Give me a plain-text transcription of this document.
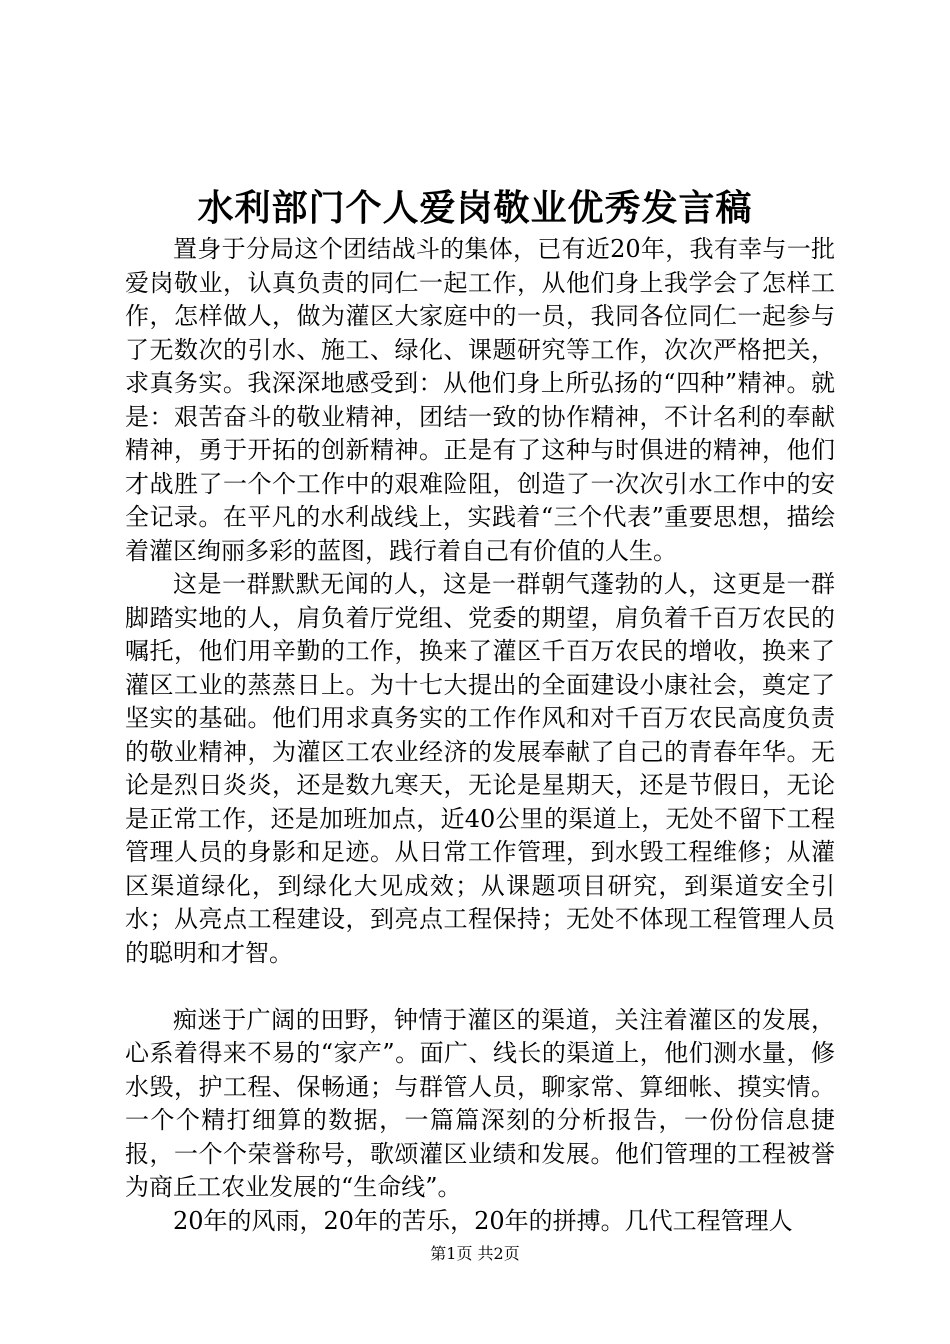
水利部门个人爱岗敬业优秀发言稿

置身于分局这个团结战斗的集体，已有近20年，我有幸与一批爱岗敬业，认真负责的同仁一起工作，从他们身上我学会了怎样工作，怎样做人，做为灌区大家庭中的一员，我同各位同仁一起参与了无数次的引水、施工、绿化、课题研究等工作，次次严格把关，求真务实。我深深地感受到：从他们身上所弘扬的“四种”精神。就是：艰苦奋斗的敬业精神，团结一致的协作精神，不计名利的奉献精神，勇于开拓的创新精神。正是有了这种与时俱进的精神，他们才战胜了一个个工作中的艰难险阻，创造了一次次引水工作中的安全记录。在平凡的水利战线上，实践着“三个代表”重要思想，描绘着灌区绚丽多彩的蓝图，践行着自己有价值的人生。

这是一群默默无闻的人，这是一群朝气蓬勃的人，这更是一群脚踏实地的人，肩负着厅党组、党委的期望，肩负着千百万农民的嘱托，他们用辛勤的工作，换来了灌区千百万农民的增收，换来了灌区工业的蒸蒸日上。为十七大提出的全面建设小康社会，奠定了坚实的基础。他们用求真务实的工作作风和对千百万农民高度负责的敬业精神，为灌区工农业经济的发展奉献了自己的青春年华。无论是烈日炎炎，还是数九寒天，无论是星期天，还是节假日，无论是正常工作，还是加班加点，近40公里的渠道上，无处不留下工程管理人员的身影和足迹。从日常工作管理，到水毁工程维修；从灌区渠道绿化，到绿化大见成效；从课题项目研究，到渠道安全引水；从亮点工程建设，到亮点工程保持；无处不体现工程管理人员的聪明和才智。

痴迷于广阔的田野，钟情于灌区的渠道，关注着灌区的发展，心系着得来不易的“家产”。面广、线长的渠道上，他们测水量，修水毁，护工程、保畅通；与群管人员，聊家常、算细帐、摸实情。一个个精打细算的数据，一篇篇深刻的分析报告，一份份信息捷报，一个个荣誉称号，歌颂灌区业绩和发展。他们管理的工程被誉为商丘工农业发展的“生命线”。

20年的风雨，20年的苦乐，20年的拼搏。几代工程管理人

第1页 共2页
